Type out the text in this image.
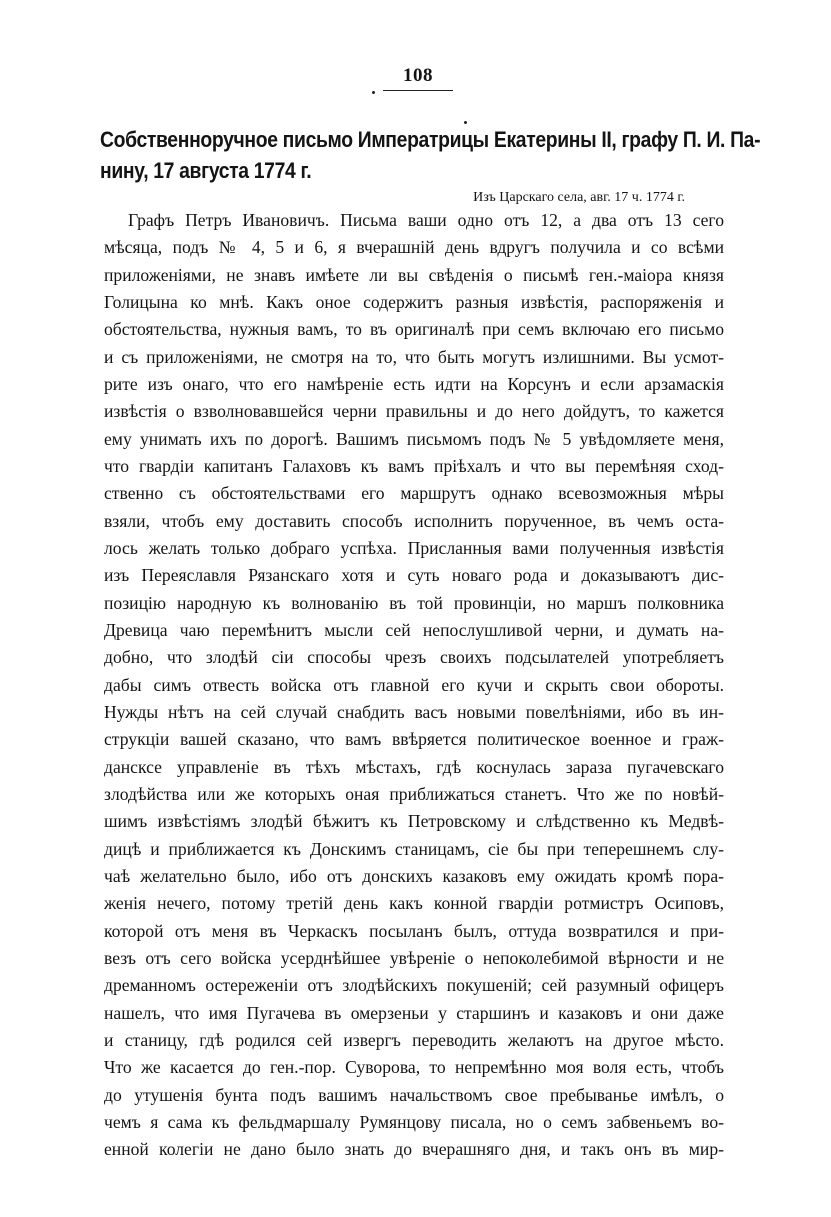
108
Собственноручное письмо Императрицы Екатерины II, графу П. И. Па-
нину, 17 августа 1774 г.
Изъ Царскаго села, авг. 17 ч. 1774 г.
Графъ Петръ Ивановичъ. Письма ваши одно отъ 12, а два отъ 13 сего
мѣсяца, подъ № 4, 5 и 6, я вчерашній день вдругъ получила и со всѣми
приложеніями, не знавъ имѣете ли вы свѣденія о письмѣ ген.-маiора князя
Голицына ко мнѣ. Какъ оное содержитъ разныя извѣстія, распоряженія и
обстоятельства, нужныя вамъ, то въ оригиналѣ при семъ включаю его письмо
и съ приложеніями, не смотря на то, что быть могутъ излишними. Вы усмот-
рите изъ онаго, что его намѣреніе есть идти на Корсунъ и если арзамаскія
извѣстія о взволновавшейся черни правильны и до него дойдутъ, то кажется
ему унимать ихъ по дорогѣ. Вашимъ письмомъ подъ № 5 увѣдомляете меня,
что гвардіи капитанъ Галаховъ къ вамъ пріѣхалъ и что вы перемѣняя сход-
ственно съ обстоятельствами его маршрутъ однако всевозможныя мѣры
взяли, чтобъ ему доставить способъ исполнить порученное, въ чемъ оста-
лось желать только добраго успѣха. Присланныя вами полученныя извѣстія
изъ Переяславля Рязанскаго хотя и суть новаго рода и доказываютъ дис-
позицію народную къ волнованію въ той провинціи, но маршъ полковника
Древица чаю перемѣнитъ мысли сей непослушливой черни, и думать на-
добно, что злодѣй сіи способы чрезъ своихъ подсылателей употребляетъ
дабы симъ отвесть войска отъ главной его кучи и скрыть свои обороты.
Нужды нѣтъ на сей случай снабдить васъ новыми повелѣніями, ибо въ ин-
струкціи вашей сказано, что вамъ ввѣряется политическое военное и граж-
дансксе управленіе въ тѣхъ мѣстахъ, гдѣ коснулась зараза пугачевскаго
злодѣйства или же которыхъ оная приближаться станетъ. Что же по новѣй-
шимъ извѣстіямъ злодѣй бѣжитъ къ Петровскому и слѣдственно къ Медвѣ-
дицѣ и приближается къ Донскимъ станицамъ, сіе бы при теперешнемъ слу-
чаѣ желательно было, ибо отъ донскихъ казаковъ ему ожидать кромѣ пора-
женія нечего, потому третій день какъ конной гвардіи ротмистръ Осиповъ,
которой отъ меня въ Черкаскъ посыланъ былъ, оттуда возвратился и при-
везъ отъ сего войска усерднѣйшее увѣреніе о непоколебимой вѣрности и не
дреманномъ остереженіи отъ злодѣйскихъ покушеній; сей разумный офицеръ
нашелъ, что имя Пугачева въ омерзеньи у старшинъ и казаковъ и они даже
и станицу, гдѣ родился сей извергъ переводить желаютъ на другое мѣсто.
Что же касается до ген.-пор. Суворова, то непремѣнно моя воля есть, чтобъ
до утушенія бунта подъ вашимъ начальствомъ свое пребыванье имѣлъ, о
чемъ я сама къ фельдмаршалу Румянцову писала, но о семъ забвеньемъ во-
енной колегіи не дано было знать до вчерашняго дня, и такъ онъ въ мир-
